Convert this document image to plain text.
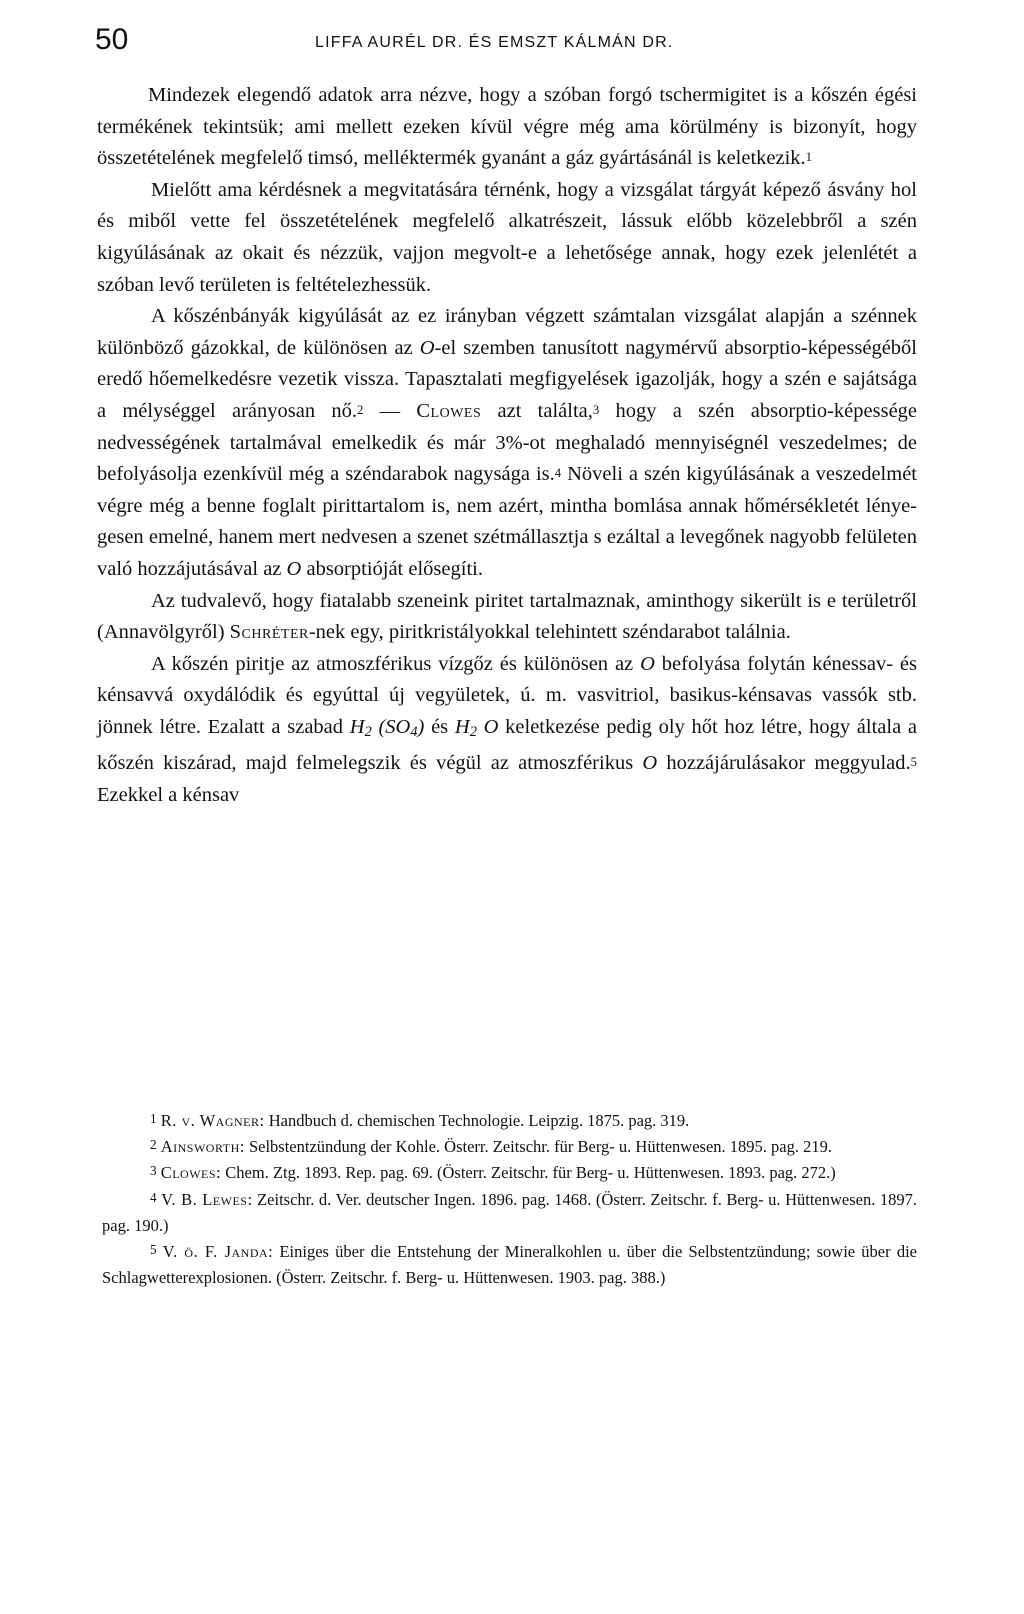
50	LIFFA AURÉL DR. ÉS EMSZT KÁLMÁN DR.

Mindezek elegendő adatok arra nézve, hogy a szóban forgó tschermigitet is a kőszén égési termékének tekintsük; ami mellett ezeken kívül végre még ama körülmény is bizonyít, hogy összetételének megfelelő timsó, melléktermék gyanánt a gáz gyártásánál is keletkezik.$^1$

Mielőtt ama kérdésnek a megvitatására térnénk, hogy a vizsgálat tárgyát képező ásvány hol és miből vette fel összetételének megfelelő alkatrészeit, lássuk előbb közelebbről a szén kigyúlásának az okait és nézzük, vajjon megvolt-e a lehetősége annak, hogy ezek jelenlétét a szóban levő területen is feltételezhessük.

A kőszénbányák kigyúlását az ez irányban végzett számtalan vizsgálat alapján a szénnek különböző gázokkal, de különösen az O-el szemben tanusított nagymérvű absorptio-képességéből eredő hőemelkedésre vezetik vissza. Tapasztalati megfigyelések igazolják, hogy a szén e sajátsága a mélységgel arányosan nő.$^2$ — Clowes azt találta,$^3$ hogy a szén absorptio-képessége nedvességének tartalmával emelkedik és már 3%-ot meghaladó mennyiségnél veszedelmes; de befolyásolja ezenkívül még a széndarabok nagysága is.$^4$ Növeli a szén kigyúlásának a veszedelmét végre még a benne foglalt pirittartalom is, nem azért, mintha bomlása annak hőmérsékletét lényegesen emelné, hanem mert nedvesen a szenet szétmállasztja s ezáltal a levegőnek nagyobb felületen való hozzájutásával az O absorptióját elősegíti.

Az tudvalevő, hogy fiatalabb szeneink piritet tartalmaznak, aminthogy sikerült is e területről (Annavölgyről) Schréter-nek egy, piritkristályokkal telehintett széndarabot találnia.

A kőszén piritje az atmoszférikus vízgőz és különösen az O befolyása folytán kénessav- és kénsavvá oxydálódik és egyúttal új vegyületek, ú. m. vasvitriol, basikus-kénsavas vassók stb. jönnek létre. Ezalatt a szabad $H_2$ $(SO_4)$ és $H_2$ O keletkezése pedig oly hőt hoz létre, hogy általa a kőszén kiszárad, majd felmelegszik és végül az atmoszférikus O hozzájárulásakor meggyulad.$^5$ Ezekkel a kénsav

$^1$ R. v. Wagner: Handbuch d. chemischen Technologie. Leipzig. 1875. pag. 319.

$^2$ Ainsworth: Selbstentzündung der Kohle. Österr. Zeitschr. für Berg- u. Hüttenwesen. 1895. pag. 219.

$^3$ Clowes: Chem. Ztg. 1893. Rep. pag. 69. (Österr. Zeitschr. für Berg- u. Hüttenwesen. 1893. pag. 272.)

$^4$ V. B. Lewes: Zeitschr. d. Ver. deutscher Ingen. 1896. pag. 1468. (Österr. Zeitschr. f. Berg- u. Hüttenwesen. 1897. pag. 190.)

$^5$ V. ö. F. Janda: Einiges über die Entstehung der Mineralkohlen u. über die Selbstentzündung; sowie über die Schlagwetterexplosionen. (Österr. Zeitschr. f. Berg- u. Hüttenwesen. 1903. pag. 388.)
